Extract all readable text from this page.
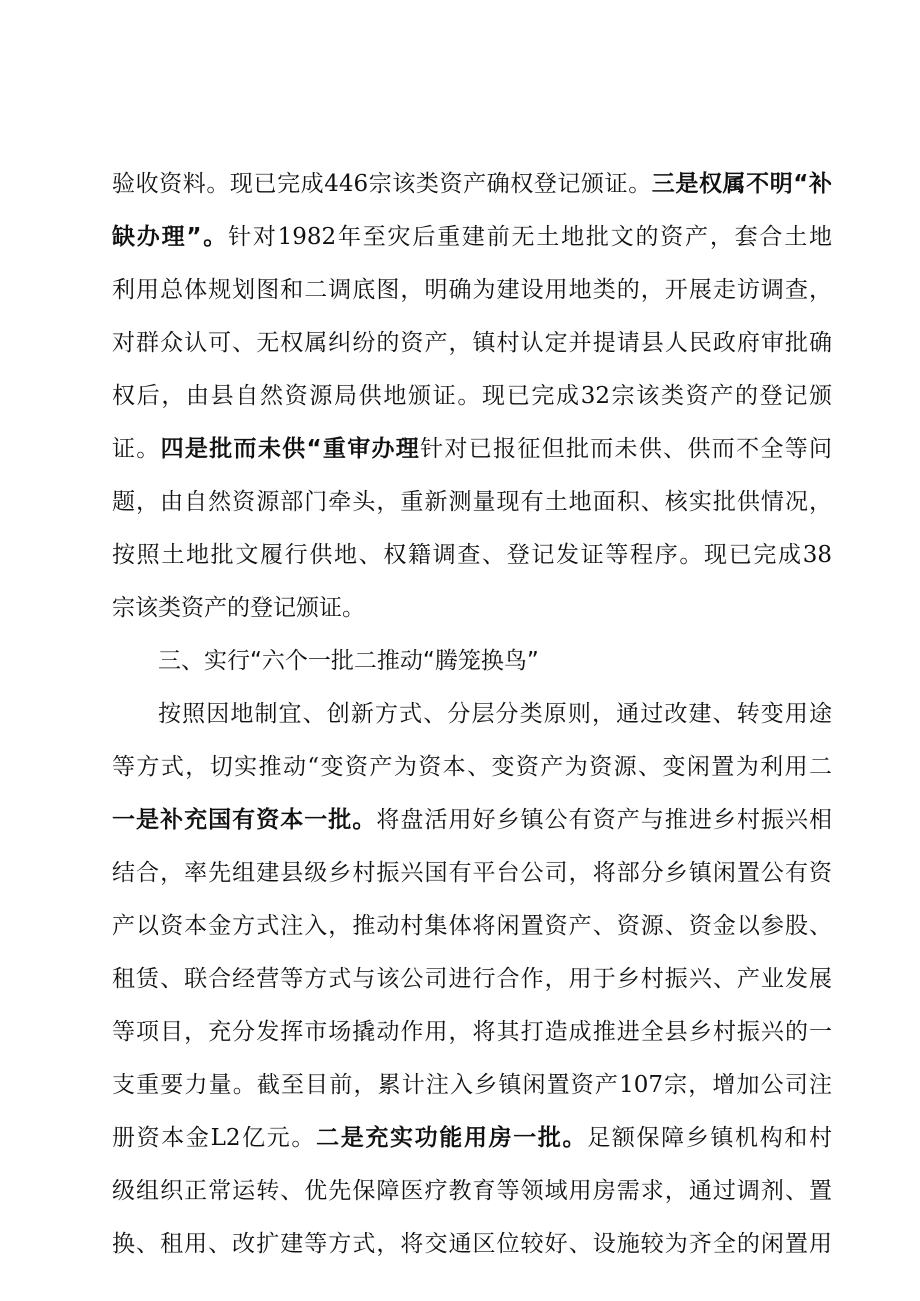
验收资料。现已完成446宗该类资产确权登记颁证。三是权属不明“补
缺办理”。针对1982年至灾后重建前无土地批文的资产，套合土地
利用总体规划图和二调底图，明确为建设用地类的，开展走访调查，
对群众认可、无权属纠纷的资产，镇村认定并提请县人民政府审批确
权后，由县自然资源局供地颁证。现已完成32宗该类资产的登记颁
证。四是批而未供“重审办理针对已报征但批而未供、供而不全等问
题，由自然资源部门牵头，重新测量现有土地面积、核实批供情况，
按照土地批文履行供地、权籍调查、登记发证等程序。现已完成38
宗该类资产的登记颁证。
三、实行“六个一批二推动“腾笼换鸟”
按照因地制宜、创新方式、分层分类原则，通过改建、转变用途
等方式，切实推动“变资产为资本、变资产为资源、变闲置为利用二
一是补充国有资本一批。将盘活用好乡镇公有资产与推进乡村振兴相
结合，率先组建县级乡村振兴国有平台公司，将部分乡镇闲置公有资
产以资本金方式注入，推动村集体将闲置资产、资源、资金以参股、
租赁、联合经营等方式与该公司进行合作，用于乡村振兴、产业发展
等项目，充分发挥市场撬动作用，将其打造成推进全县乡村振兴的一
支重要力量。截至目前，累计注入乡镇闲置资产107宗，增加公司注
册资本金L2亿元。二是充实功能用房一批。足额保障乡镇机构和村
级组织正常运转、优先保障医疗教育等领域用房需求，通过调剂、置
换、租用、改扩建等方式，将交通区位较好、设施较为齐全的闲置用
